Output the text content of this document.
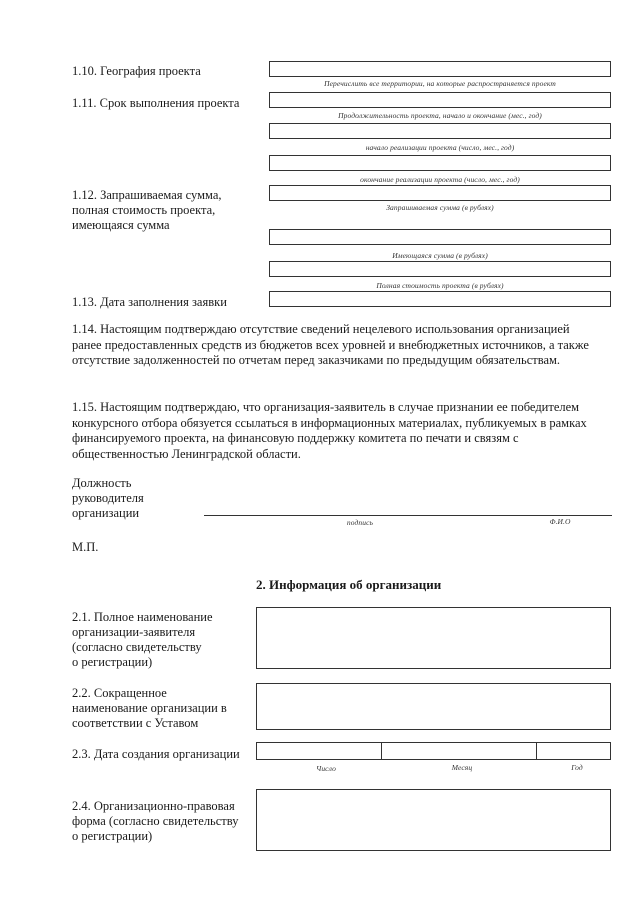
1.10. География проекта
Перечислить все территории, на которые распространяется проект
1.11. Срок выполнения проекта
Продолжительность проекта, начало и окончание (мес., год)
начало реализации проекта (число, мес., год)
окончание реализации проекта (число, мес., год)
1.12. Запрашиваемая сумма,
полная стоимость проекта,
имеющаяся сумма
Запрашиваемая сумма (в рублях)
Имеющаяся сумма (в рублях)
Полная стоимость проекта (в рублях)
1.13. Дата заполнения заявки
1.14. Настоящим подтверждаю отсутствие сведений нецелевого использования организацией ранее предоставленных средств из бюджетов всех уровней и внебюджетных источников, а также отсутствие задолженностей по отчетам перед заказчиками по предыдущим обязательствам.
1.15. Настоящим подтверждаю, что организация-заявитель в случае признании ее победителем конкурсного отбора обязуется ссылаться в информационных материалах, публикуемых в рамках финансируемого проекта, на финансовую поддержку комитета по печати и связям с общественностью Ленинградской области.
Должность
руководителя
организации
подпись	Ф.И.О
М.П.
2. Информация об организации
2.1. Полное наименование
организации-заявителя
(согласно свидетельству
о регистрации)
2.2. Сокращенное
наименование организации в
соответствии с Уставом
2.3. Дата создания организации
Число	Месяц	Год
2.4. Организационно-правовая
форма (согласно свидетельству
о регистрации)
